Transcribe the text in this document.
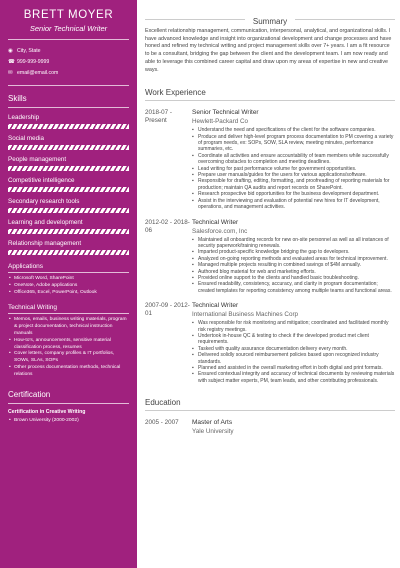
BRETT MOYER
Senior Technical Writer
◉ City, State
☎ 999-999-9999
✉ email@email.com
Skills
Leadership
Social media
People management
Competitive intelligence
Secondary research tools
Learning and development
Relationship management
Applications
• Microsoft Word, SharePoint
• OneNote, Adobe applications
• Office365, Excel, PowerPoint, Outlook
Technical Writing
• Memos, emails, business writing materials, program & project documentation, technical instruction manuals
• How-to's, announcements, sensitive material classification process, resumes
• Cover letters, company profiles & IT portfolios, SOWs, SLAs, SOPs
• Other process documentation methods, technical relations
Certification
Certification in Creative Writing
• Brown University (2000-2002)
Summary
Excellent relationship management, communication, interpersonal, analytical, and organizational skills. I have advanced knowledge and insight into organizational development and change processes and have honed and refined my technical writing and project management skills over 7+ years. I am a fit resource to be a consultant, bridging the gap between the client and the development team. I am now ready and able to leverage this combined career capital and draw upon my areas of expertise in new and creative ways.
Work Experience
2018-07 - Present
Senior Technical Writer
Hewlett-Packard Co
▪ Understand the need and specifications of the client for the software companies.
▪ Produce and deliver high-level program process documentation to PM covering a variety of program needs, ex: SOPs, SOW, SLA review, meeting minutes, performance summaries, etc.
▪ Coordinate all activities and ensure accountability of team members while successfully overcoming obstacles to completion and meeting deadlines.
▪ Lead writing for past performance volume for government opportunities.
▪ Prepare user manuals/guides for the users for various applications/software.
▪ Responsible for drafting, editing, formatting, and proofreading of reporting materials for production; maintain QA audits and report records on SharePoint.
▪ Research prospective bid opportunities for the business development department.
▪ Assist in the interviewing and evaluation of potential new hires for IT development, operations, and management activities.
2012-02 - 2018-06
Technical Writer
Salesforce.com, Inc
▪ Maintained all onboarding records for new on-site personnel as well as all instances of security paperwork/training renewals.
▪ Imparted product-specific knowledge bridging the gap to developers.
▪ Analyzed on-going reporting methods and evaluated areas for technical improvement.
▪ Managed multiple projects resulting in combined savings of $4M annually.
▪ Authored blog material for web and marketing efforts.
▪ Provided online support to the clients and handled basic troubleshooting.
▪ Ensured readability, consistency, accuracy, and clarity in program documentation; created templates for reporting consistency among multiple teams and functional areas.
2007-09 - 2012-01
Technical Writer
International Business Machines Corp
▪ Was responsible for risk monitoring and mitigation; coordinated and facilitated monthly risk registry meetings.
▪ Undertook in-house QC & testing to check if the developed product met client requirements.
▪ Tasked with quality assurance documentation delivery every month.
▪ Delivered solidly sourced reimbursement policies based upon recognized industry standards.
▪ Planned and assisted in the overall marketing effort in both digital and print formats.
▪ Ensured contextual integrity and accuracy of technical documents by reviewing materials with subject matter experts, PM, team leads, and other contributing professionals.
Education
2005 - 2007	Master of Arts
Yale University
